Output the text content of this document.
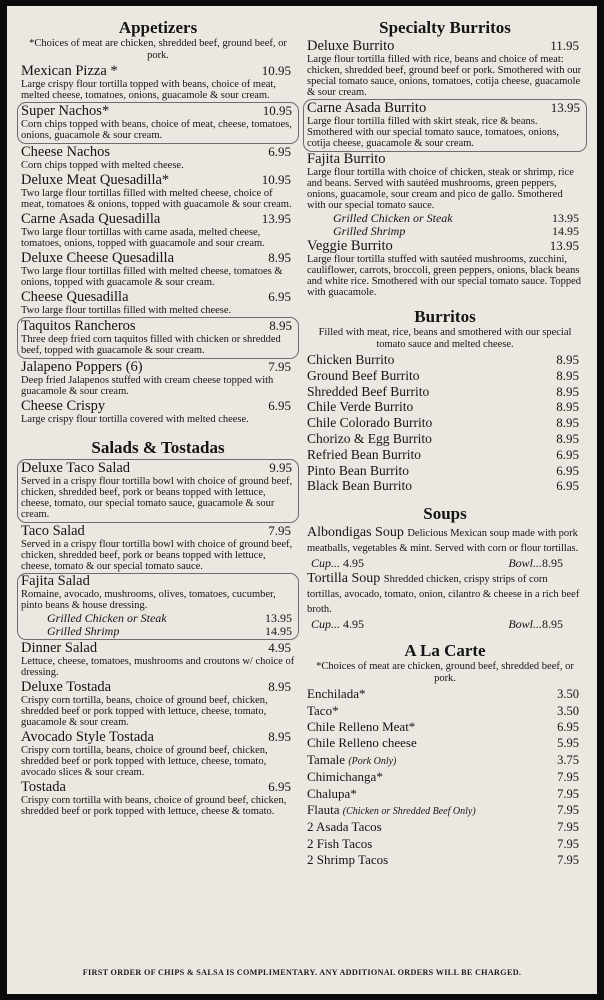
Appetizers
*Choices of meat are chicken, shredded beef, ground beef, or pork.
Mexican Pizza *	10.95
Large crispy flour tortilla topped with beans, choice of meat, melted cheese, tomatoes, onions, guacamole & sour cream.
Super Nachos*	10.95
Corn chips topped with beans, choice of meat, cheese, tomatoes, onions, guacamole & sour cream.
Cheese Nachos	6.95
Corn chips topped with melted cheese.
Deluxe Meat Quesadilla*	10.95
Two large flour tortillas filled with melted cheese, choice of meat, tomatoes & onions, topped with guacamole & sour cream.
Carne Asada Quesadilla	13.95
Two large flour tortillas with carne asada, melted cheese, tomatoes, onions, topped with guacamole and sour cream.
Deluxe Cheese Quesadilla	8.95
Two large flour tortillas filled with melted cheese, tomatoes & onions, topped with guacamole & sour cream.
Cheese Quesadilla	6.95
Two large flour tortillas filled with melted cheese.
Taquitos Rancheros	8.95
Three deep fried corn taquitos filled with chicken or shredded beef, topped with guacamole & sour cream.
Jalapeno Poppers (6)	7.95
Deep fried Jalapenos stuffed with cream cheese topped with guacamole & sour cream.
Cheese Crispy	6.95
Large crispy flour tortilla covered with melted cheese.
Salads & Tostadas
Deluxe Taco Salad	9.95
Served in a crispy flour tortilla bowl with choice of ground beef, chicken, shredded beef, pork or beans topped with lettuce, cheese, tomato, our special tomato sauce, guacamole & sour cream.
Taco Salad	7.95
Served in a crispy flour tortilla bowl with choice of ground beef, chicken, shredded beef, pork or beans topped with lettuce, cheese, tomato & our special tomato sauce.
Fajita Salad
Romaine, avocado, mushrooms, olives, tomatoes, cucumber, pinto beans & house dressing.
Grilled Chicken or Steak	13.95
Grilled Shrimp	14.95
Dinner Salad	4.95
Lettuce, cheese, tomatoes, mushrooms and croutons w/ choice of dressing.
Deluxe Tostada	8.95
Crispy corn tortilla, beans, choice of ground beef, chicken, shredded beef or pork topped with lettuce, cheese, tomato, guacamole & sour cream.
Avocado Style Tostada	8.95
Crispy corn tortilla, beans, choice of ground beef, chicken, shredded beef or pork topped with lettuce, cheese, tomato, avocado slices & sour cream.
Tostada	6.95
Crispy corn tortilla with beans, choice of ground beef, chicken, shredded beef or pork topped with lettuce, cheese & tomato.
Specialty Burritos
Deluxe Burrito	11.95
Large flour tortilla filled with rice, beans and choice of meat: chicken, shredded beef, ground beef or pork. Smothered with our special tomato sauce, onions, tomatoes, cotija cheese, guacamole & sour cream.
Carne Asada Burrito	13.95
Large flour tortilla filled with skirt steak, rice & beans. Smothered with our special tomato sauce, tomatoes, onions, cotija cheese, guacamole & sour cream.
Fajita Burrito
Large flour tortilla with choice of chicken, steak or shrimp, rice and beans. Served with sautéed mushrooms, green peppers, onions, guacamole, sour cream and pico de gallo. Smothered with our special tomato sauce.
Grilled Chicken or Steak	13.95
Grilled Shrimp	14.95
Veggie Burrito	13.95
Large flour tortilla stuffed with sautéed mushrooms, zucchini, cauliflower, carrots, broccoli, green peppers, onions, black beans and white rice. Smothered with our special tomato sauce. Topped with guacamole.
Burritos
Filled with meat, rice, beans and smothered with our special tomato sauce and melted cheese.
Chicken Burrito	8.95
Ground Beef Burrito	8.95
Shredded Beef Burrito	8.95
Chile Verde Burrito	8.95
Chile Colorado Burrito	8.95
Chorizo & Egg Burrito	8.95
Refried Bean Burrito	6.95
Pinto Bean Burrito	6.95
Black Bean Burrito	6.95
Soups
Albondigas Soup Delicious Mexican soup made with pork meatballs, vegetables & mint. Served with corn or flour tortillas.
Cup... 4.95	Bowl...8.95
Tortilla Soup Shredded chicken, crispy strips of corn tortillas, avocado, tomato, onion, cilantro & cheese in a rich beef broth.
Cup... 4.95	Bowl...8.95
A La Carte
*Choices of meat are chicken, ground beef, shredded beef, or pork.
Enchilada*	3.50
Taco*	3.50
Chile Relleno Meat*	6.95
Chile Relleno cheese	5.95
Tamale (Pork Only)	3.75
Chimichanga*	7.95
Chalupa*	7.95
Flauta (Chicken or Shredded Beef Only)	7.95
2 Asada Tacos	7.95
2 Fish Tacos	7.95
2 Shrimp Tacos	7.95
FIRST ORDER OF CHIPS & SALSA IS COMPLIMENTARY. ANY ADDITIONAL ORDERS WILL BE CHARGED.
